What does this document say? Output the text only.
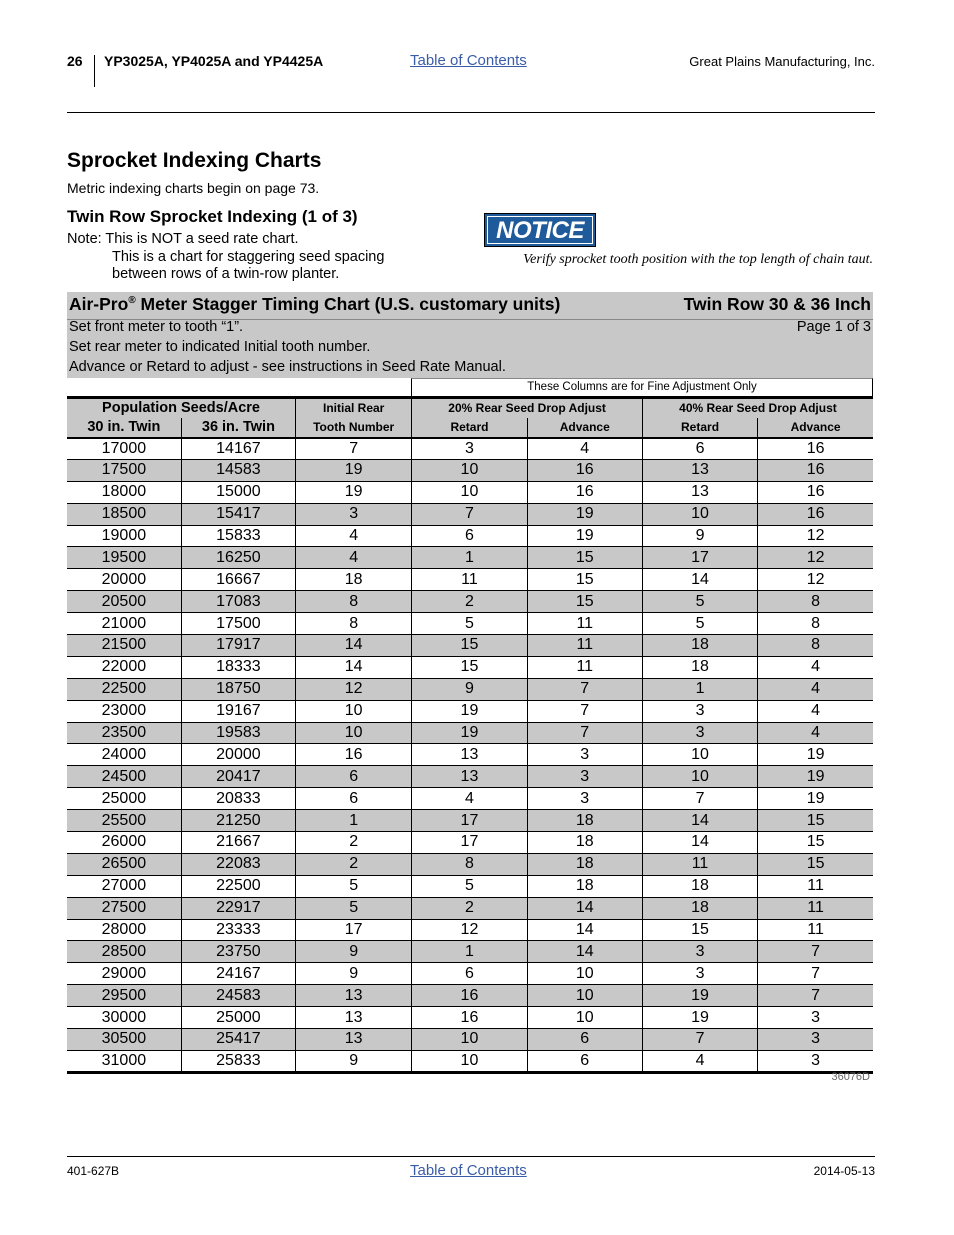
26 YP3025A, YP4025A and YP4425A	Table of Contents	Great Plains Manufacturing, Inc.
Sprocket Indexing Charts
Metric indexing charts begin on page 73.
Twin Row Sprocket Indexing (1 of 3)
Note: This is NOT a seed rate chart.
This is a chart for staggering seed spacing
between rows of a twin-row planter.
NOTICE
Verify sprocket tooth position with the top length of chain taut.
Air-Pro® Meter Stagger Timing Chart (U.S. customary units)	Twin Row 30 & 36 Inch
Set front meter to tooth “1”.	Page 1 of 3
Set rear meter to indicated Initial tooth number.
Advance or Retard to adjust - see instructions in Seed Rate Manual.
These Columns are for Fine Adjustment Only
Population Seeds/Acre		Initial Rear	20% Rear Seed Drop Adjust		40% Rear Seed Drop Adjust	
30 in. Twin	36 in. Twin	Tooth Number	Retard	Advance	Retard	Advance
17000	14167	7	3	4	6	16
17500	14583	19	10	16	13	16
18000	15000	19	10	16	13	16
18500	15417	3	7	19	10	16
19000	15833	4	6	19	9	12
19500	16250	4	1	15	17	12
20000	16667	18	11	15	14	12
20500	17083	8	2	15	5	8
21000	17500	8	5	11	5	8
21500	17917	14	15	11	18	8
22000	18333	14	15	11	18	4
22500	18750	12	9	7	1	4
23000	19167	10	19	7	3	4
23500	19583	10	19	7	3	4
24000	20000	16	13	3	10	19
24500	20417	6	13	3	10	19
25000	20833	6	4	3	7	19
25500	21250	1	17	18	14	15
26000	21667	2	17	18	14	15
26500	22083	2	8	18	11	15
27000	22500	5	5	18	18	11
27500	22917	5	2	14	18	11
28000	23333	17	12	14	15	11
28500	23750	9	1	14	3	7
29000	24167	9	6	10	3	7
29500	24583	13	16	10	19	7
30000	25000	13	16	10	19	3
30500	25417	13	10	6	7	3
31000	25833	9	10	6	4	3
36076D
401-627B	Table of Contents	2014-05-13
